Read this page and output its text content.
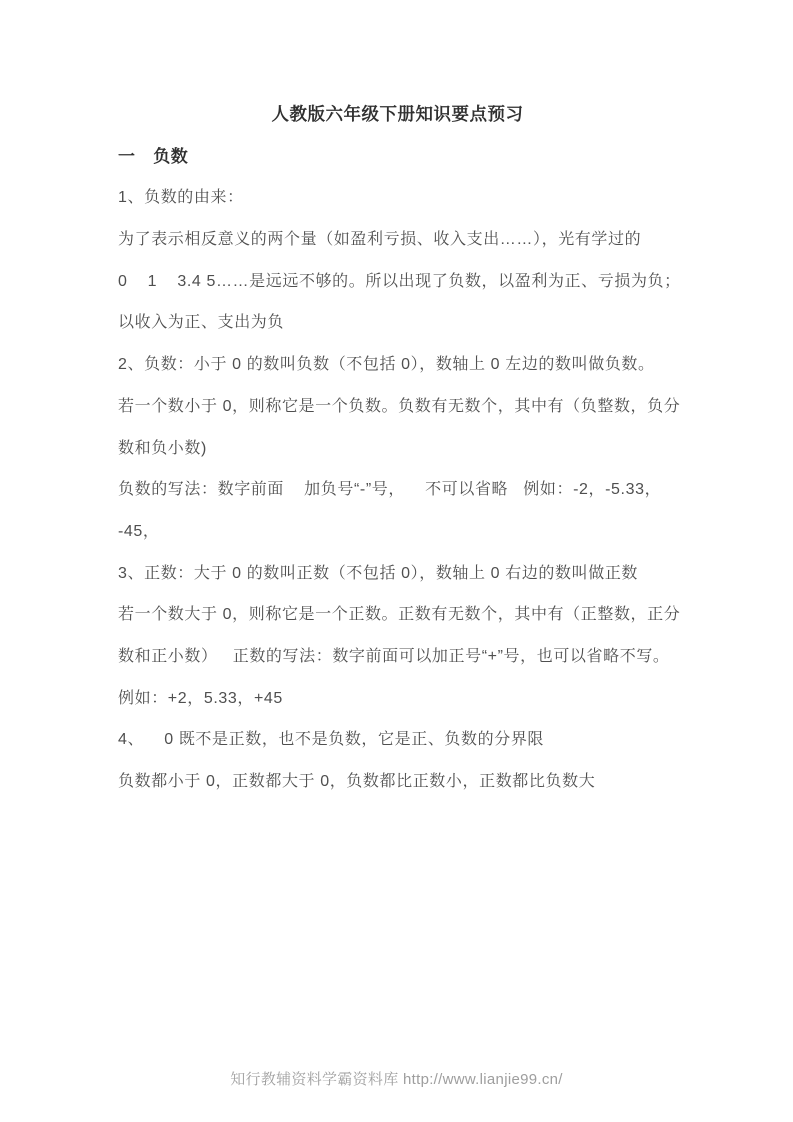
人教版六年级下册知识要点预习
一　负数
1、负数的由来：
为了表示相反意义的两个量（如盈利亏损、收入支出……），光有学过的
0    1    3.4 5……是远远不够的。所以出现了负数，以盈利为正、亏损为负；
以收入为正、支出为负
2、负数：小于 0 的数叫负数（不包括 0），数轴上 0 左边的数叫做负数。
若一个数小于 0，则称它是一个负数。负数有无数个，其中有（负整数，负分
数和负小数)
负数的写法：数字前面    加负号“-”号，    不可以省略   例如：-2，-5.33，
-45，
3、正数：大于 0 的数叫正数（不包括 0），数轴上 0 右边的数叫做正数
若一个数大于 0，则称它是一个正数。正数有无数个，其中有（正整数，正分
数和正小数）   正数的写法：数字前面可以加正号“+”号，也可以省略不写。
例如：+2，5.33，+45
4、    0 既不是正数，也不是负数，它是正、负数的分界限
负数都小于 0，正数都大于 0，负数都比正数小，正数都比负数大
知行教辅资料学霸资料库 http://www.lianjie99.cn/
